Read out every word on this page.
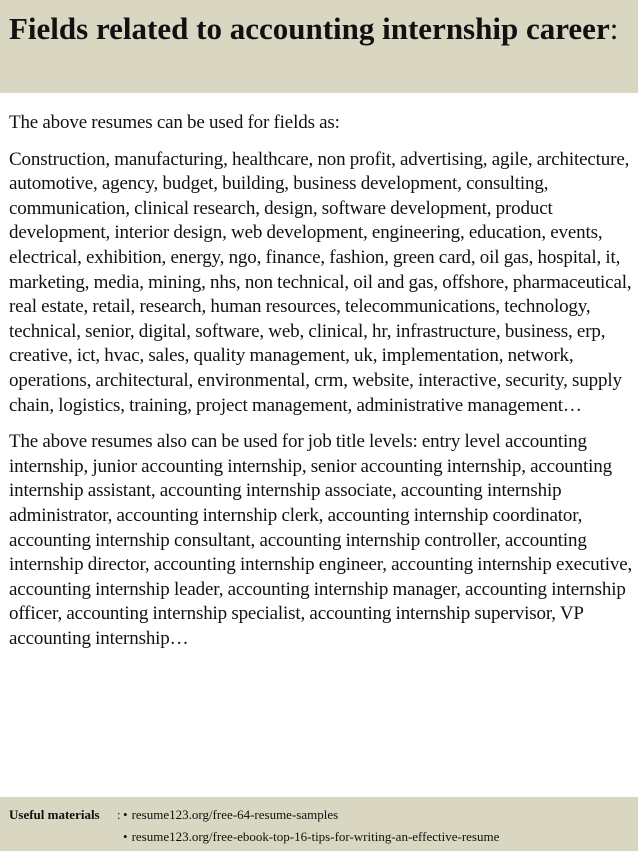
Fields related to accounting internship career:

The above resumes can be used for fields as:

Construction, manufacturing, healthcare, non profit, advertising, agile, architecture, automotive, agency, budget, building, business development, consulting, communication, clinical research, design, software development, product development, interior design, web development, engineering, education, events, electrical, exhibition, energy, ngo, finance, fashion, green card, oil gas, hospital, it, marketing, media, mining, nhs, non technical, oil and gas, offshore, pharmaceutical, real estate, retail, research, human resources, telecommunications, technology, technical, senior, digital, software, web, clinical, hr, infrastructure, business, erp, creative, ict, hvac, sales, quality management, uk, implementation, network, operations, architectural, environmental, crm, website, interactive, security, supply chain, logistics, training, project management, administrative management…

The above resumes also can be used for job title levels: entry level accounting internship, junior accounting internship, senior accounting internship, accounting internship assistant, accounting internship associate, accounting internship administrator, accounting internship clerk, accounting internship coordinator, accounting internship consultant, accounting internship controller, accounting internship director, accounting internship engineer, accounting internship executive, accounting internship leader, accounting internship manager, accounting internship officer, accounting internship specialist, accounting internship supervisor, VP accounting internship…

Useful materials : • resume123.org/free-64-resume-samples
• resume123.org/free-ebook-top-16-tips-for-writing-an-effective-resume
